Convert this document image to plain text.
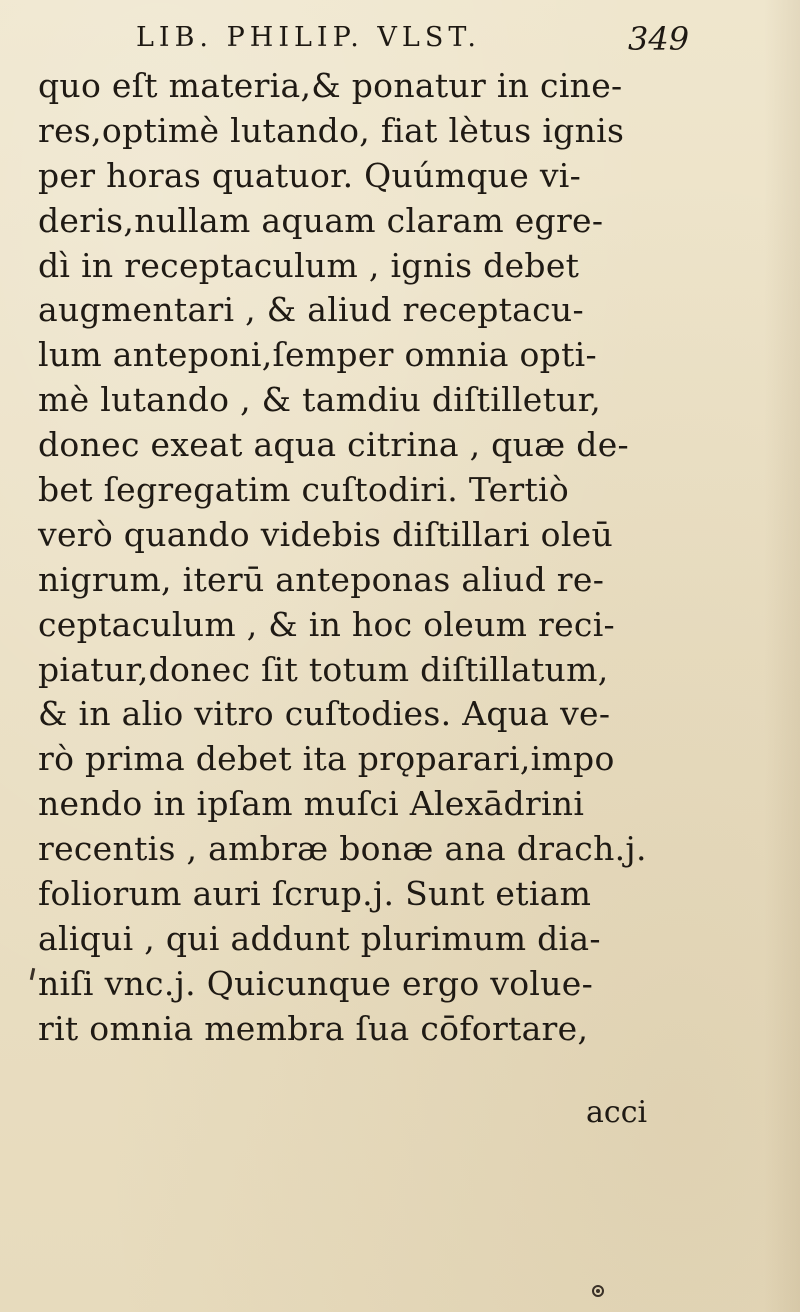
LIB. PHILIP. VLST.	349
quo eſt materia,& ponatur in cine-
res,optimè lutando, fiat lètus ignis
per horas quatuor. Quúmque vi-
deris,nullam aquam claram egre-
dì in receptaculum , ignis debet
augmentari , & aliud receptacu-
lum anteponi,ſemper omnia opti-
mè lutando , & tamdiu diſtilletur,
donec exeat aqua citrina , quæ de-
bet ſegregatim cuſtodiri. Tertiò
verò quando videbis diſtillari oleū
nigrum, iterū anteponas aliud re-
ceptaculum , & in hoc oleum reci-
piatur,donec ſit totum diſtillatum,
& in alio vitro cuſtodies. Aqua ve-
rò prima debet ita prǫparari,impo
nendo in ipſam muſci Alexādrini
recentis , ambræ bonæ ana drach.j.
foliorum auri ſcrup.j. Sunt etiam
aliqui , qui addunt plurimum dia-
niſi vnc.j. Quicunque ergo volue-
rit omnia membra ſua cōfortare,
acci
